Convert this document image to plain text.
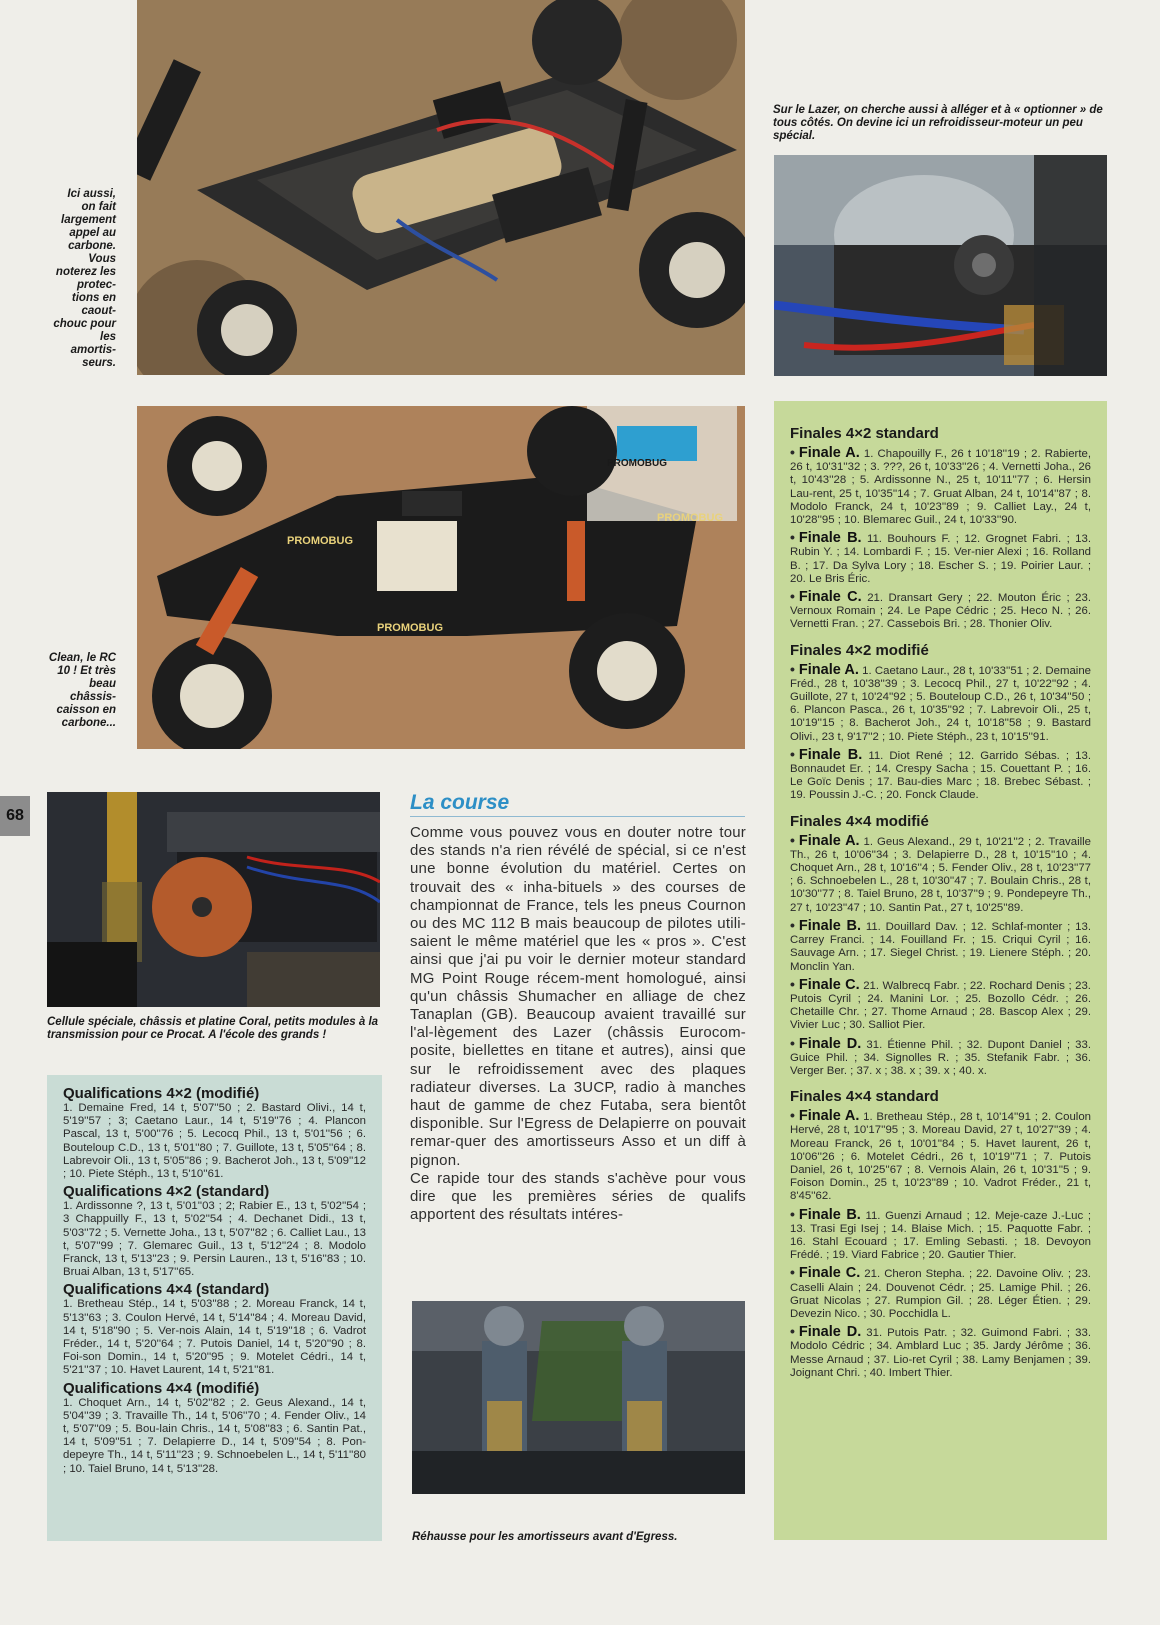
PROMOBUG
PROMOBUG
PROMOBUG
PROMOBUG
Ici aussi, on fait largement appel au carbone. Vous noterez les protec-tions en caout-chouc pour les amortis-seurs.
Sur le Lazer, on cherche aussi à alléger et à « optionner » de tous côtés. On devine ici un refroidisseur-moteur un peu spécial.
Clean, le RC 10 ! Et très beau châssis-caisson en carbone...
Cellule spéciale, châssis et platine Coral, petits modules à la transmission pour ce Procat. A l'école des grands !
Réhausse pour les amortisseurs avant d'Egress.
68
La course

Comme vous pouvez vous en douter notre tour des stands n'a rien révélé de spécial, si ce n'est une bonne évolution du matériel. Certes on trouvait des « inha-bituels » des courses de championnat de France, tels les pneus Cournon ou des MC 112 B mais beaucoup de pilotes utili-saient le même matériel que les « pros ». C'est ainsi que j'ai pu voir le dernier moteur standard MG Point Rouge récem-ment homologué, ainsi qu'un châssis Shumacher en alliage de chez Tanaplan (GB). Beaucoup avaient travaillé sur l'al-lègement des Lazer (châssis Eurocom-posite, biellettes en titane et autres), ainsi que sur le refroidissement avec des plaques radiateur diverses. La 3UCP, radio à manches haut de gamme de chez Futaba, sera bientôt disponible. Sur l'Egress de Delapierre on pouvait remar-quer des amortisseurs Asso et un diff à pignon.

Ce rapide tour des stands s'achève pour vous dire que les premières séries de qualifs apportent des résultats intéres-

Qualifications 4×2 (modifié)

1. Demaine Fred, 14 t, 5'07''50 ; 2. Bastard Olivi., 14 t, 5'19''57 ; 3; Caetano Laur., 14 t, 5'19''76 ; 4. Plancon Pascal, 13 t, 5'00''76 ; 5. Lecocq Phil., 13 t, 5'01''56 ; 6. Bouteloup C.D., 13 t, 5'01''80 ; 7. Guillote, 13 t, 5'05''64 ; 8. Labrevoir Oli., 13 t, 5'05''86 ; 9. Bacherot Joh., 13 t, 5'09''12 ; 10. Piete Stéph., 13 t, 5'10''61.

Qualifications 4×2 (standard)

1. Ardissonne ?, 13 t, 5'01''03 ; 2; Rabier E., 13 t, 5'02''54 ; 3 Chappuilly F., 13 t, 5'02''54 ; 4. Dechanet Didi., 13 t, 5'03''72 ; 5. Vernette Joha., 13 t, 5'07''82 ; 6. Calliet Lau., 13 t, 5'07''99 ; 7. Glemarec Guil., 13 t, 5'12''24 ; 8. Modolo Franck, 13 t, 5'13''23 ; 9. Persin Lauren., 13 t, 5'16''83 ; 10. Bruai Alban, 13 t, 5'17''65.

Qualifications 4×4 (standard)

1. Bretheau Stép., 14 t, 5'03''88 ; 2. Moreau Franck, 14 t, 5'13''63 ; 3. Coulon Hervé, 14 t, 5'14''84 ; 4. Moreau David, 14 t, 5'18''90 ; 5. Ver-nois Alain, 14 t, 5'19''18 ; 6. Vadrot Fréder., 14 t, 5'20''64 ; 7. Putois Daniel, 14 t, 5'20''90 ; 8. Foi-son Domin., 14 t, 5'20''95 ; 9. Motelet Cédri., 14 t, 5'21''37 ; 10. Havet Laurent, 14 t, 5'21''81.

Qualifications 4×4 (modifié)

1. Choquet Arn., 14 t, 5'02''82 ; 2. Geus Alexand., 14 t, 5'04''39 ; 3. Travaille Th., 14 t, 5'06''70 ; 4. Fender Oliv., 14 t, 5'07''09 ; 5. Bou-lain Chris., 14 t, 5'08''83 ; 6. Santin Pat., 14 t, 5'09''51 ; 7. Delapierre D., 14 t, 5'09''54 ; 8. Pon-depeyre Th., 14 t, 5'11''23 ; 9. Schnoebelen L., 14 t, 5'11''80 ; 10. Taiel Bruno, 14 t, 5'13''28.

Finales 4×2 standard
• Finale A. 1. Chapouilly F., 26 t 10'18''19 ; 2. Rabierte, 26 t, 10'31''32 ; 3. ???, 26 t, 10'33''26 ; 4. Vernetti Joha., 26 t, 10'43''28 ; 5. Ardissonne N., 25 t, 10'11''77 ; 6. Hersin Lau-rent, 25 t, 10'35''14 ; 7. Gruat Alban, 24 t, 10'14''87 ; 8. Modolo Franck, 24 t, 10'23''89 ; 9. Calliet Lay., 24 t, 10'28''95 ; 10. Blemarec Guil., 24 t, 10'33''90.
• Finale B. 11. Bouhours F. ; 12. Grognet Fabri. ; 13. Rubin Y. ; 14. Lombardi F. ; 15. Ver-nier Alexi ; 16. Rolland B. ; 17. Da Sylva Lory ; 18. Escher S. ; 19. Poirier Laur. ; 20. Le Bris Éric.
• Finale C. 21. Dransart Gery ; 22. Mouton Éric ; 23. Vernoux Romain ; 24. Le Pape Cédric ; 25. Heco N. ; 26. Vernetti Fran. ; 27. Cassebois Bri. ; 28. Thonier Oliv.
Finales 4×2 modifié
• Finale A. 1. Caetano Laur., 28 t, 10'33''51 ; 2. Demaine Fréd., 28 t, 10'38''39 ; 3. Lecocq Phil., 27 t, 10'22''92 ; 4. Guillote, 27 t, 10'24''92 ; 5. Bouteloup C.D., 26 t, 10'34''50 ; 6. Plancon Pasca., 26 t, 10'35''92 ; 7. Labrevoir Oli., 25 t, 10'19''15 ; 8. Bacherot Joh., 24 t, 10'18''58 ; 9. Bastard Olivi., 23 t, 9'17''2 ; 10. Piete Stéph., 23 t, 10'15''91.
• Finale B. 11. Diot René ; 12. Garrido Sébas. ; 13. Bonnaudet Er. ; 14. Crespy Sacha ; 15. Couettant P. ; 16. Le Goïc Denis ; 17. Bau-dies Marc ; 18. Brebec Sébast. ; 19. Poussin J.-C. ; 20. Fonck Claude.
Finales 4×4 modifié
• Finale A. 1. Geus Alexand., 29 t, 10'21''2 ; 2. Travaille Th., 26 t, 10'06''34 ; 3. Delapierre D., 28 t, 10'15''10 ; 4. Choquet Arn., 28 t, 10'16''4 ; 5. Fender Oliv., 28 t, 10'23''77 ; 6. Schnoebelen L., 28 t, 10'30''47 ; 7. Boulain Chris., 28 t, 10'30''77 ; 8. Taiel Bruno, 28 t, 10'37''9 ; 9. Pondepeyre Th., 27 t, 10'23''47 ; 10. Santin Pat., 27 t, 10'25''89.
• Finale B. 11. Douillard Dav. ; 12. Schlaf-monter ; 13. Carrey Franci. ; 14. Fouilland Fr. ; 15. Criqui Cyril ; 16. Sauvage Arn. ; 17. Siegel Christ. ; 19. Lienere Stéph. ; 20. Monclin Yan.
• Finale C. 21. Walbrecq Fabr. ; 22. Rochard Denis ; 23. Putois Cyril ; 24. Manini Lor. ; 25. Bozollo Cédr. ; 26. Chetaille Chr. ; 27. Thome Arnaud ; 28. Bascop Alex ; 29. Vivier Luc ; 30. Salliot Pier.
• Finale D. 31. Étienne Phil. ; 32. Dupont Daniel ; 33. Guice Phil. ; 34. Signolles R. ; 35. Stefanik Fabr. ; 36. Verger Ber. ; 37. x ; 38. x ; 39. x ; 40. x.
Finales 4×4 standard
• Finale A. 1. Bretheau Stép., 28 t, 10'14''91 ; 2. Coulon Hervé, 28 t, 10'17''95 ; 3. Moreau David, 27 t, 10'27''39 ; 4. Moreau Franck, 26 t, 10'01''84 ; 5. Havet laurent, 26 t, 10'06''26 ; 6. Motelet Cédri., 26 t, 10'19''71 ; 7. Putois Daniel, 26 t, 10'25''67 ; 8. Vernois Alain, 26 t, 10'31''5 ; 9. Foison Domin., 25 t, 10'23''89 ; 10. Vadrot Fréder., 21 t, 8'45''62.
• Finale B. 11. Guenzi Arnaud ; 12. Meje-caze J.-Luc ; 13. Trasi Egi Isej ; 14. Blaise Mich. ; 15. Paquotte Fabr. ; 16. Stahl Ecouard ; 17. Emling Sebasti. ; 18. Devoyon Frédé. ; 19. Viard Fabrice ; 20. Gautier Thier.
• Finale C. 21. Cheron Stepha. ; 22. Davoine Oliv. ; 23. Caselli Alain ; 24. Douvenot Cédr. ; 25. Lamige Phil. ; 26. Gruat Nicolas ; 27. Rumpion Gil. ; 28. Léger Étien. ; 29. Devezin Nico. ; 30. Pocchidla L.
• Finale D. 31. Putois Patr. ; 32. Guimond Fabri. ; 33. Modolo Cédric ; 34. Amblard Luc ; 35. Jardy Jérôme ; 36. Messe Arnaud ; 37. Lio-ret Cyril ; 38. Lamy Benjamen ; 39. Joignant Chri. ; 40. Imbert Thier.
